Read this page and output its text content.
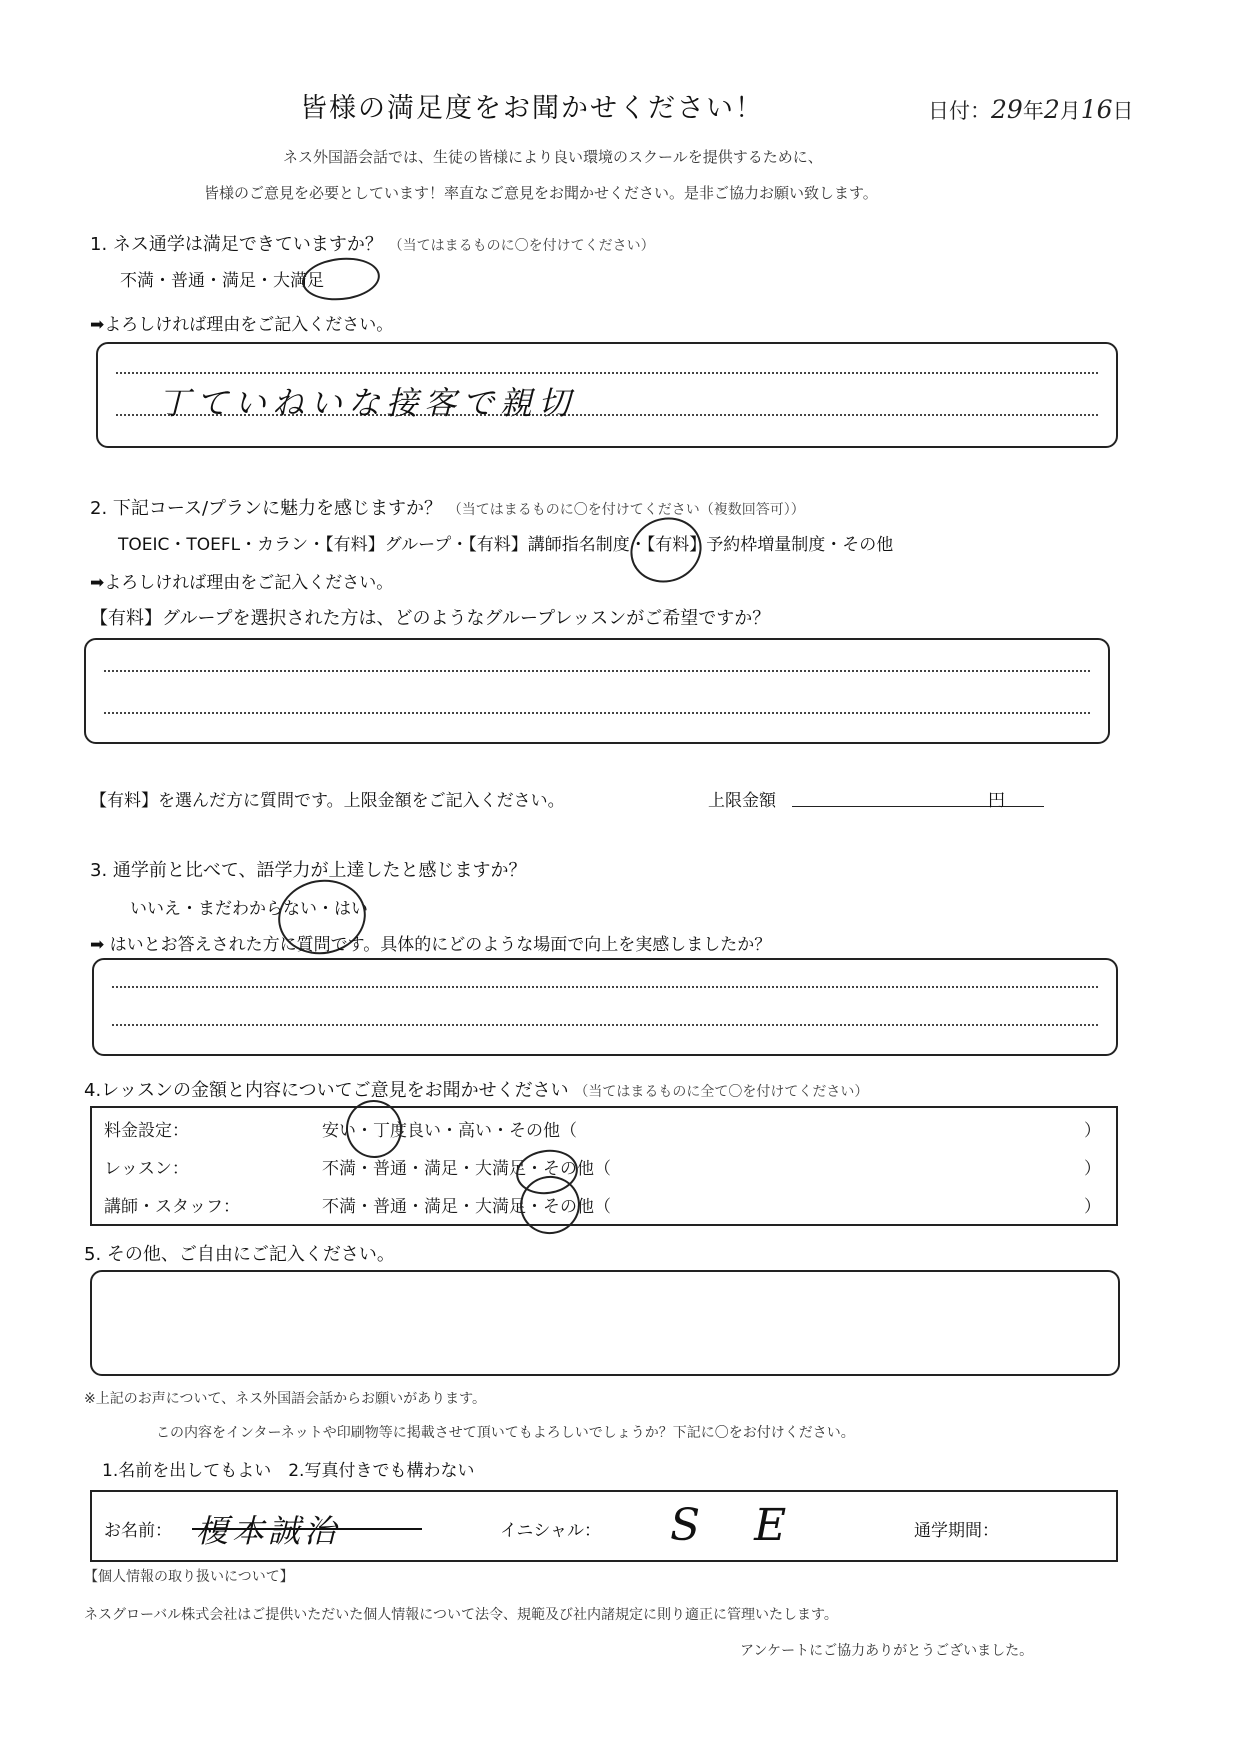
皆様の満足度をお聞かせください！	日付：29年2月16日
ネス外国語会話では、生徒の皆様により良い環境のスクールを提供するために、
皆様のご意見を必要としています！率直なご意見をお聞かせください。是非ご協力お願い致します。
1. ネス通学は満足できていますか？ （当てはまるものに〇を付けてください）
不満・普通・満足・大満足
➡よろしければ理由をご記入ください。
丁ていねいな接客で親切
2. 下記コース/プランに魅力を感じますか？ （当てはまるものに〇を付けてください（複数回答可））
TOEIC・TOEFL・カラン・【有料】グループ・【有料】講師指名制度・【有料】予約枠増量制度・その他
➡よろしければ理由をご記入ください。
【有料】グループを選択された方は、どのようなグループレッスンがご希望ですか？
【有料】を選んだ方に質問です。上限金額をご記入ください。	上限金額	円
3. 通学前と比べて、語学力が上達したと感じますか？
いいえ・まだわからない・はい
➡ はいとお答えされた方に質問です。具体的にどのような場面で向上を実感しましたか？
4.レッスンの金額と内容についてご意見をお聞かせください （当てはまるものに全て〇を付けてください）
料金設定：	安い・丁度良い・高い・その他（	）
レッスン：	不満・普通・満足・大満足・その他（	）
講師・スタッフ：	不満・普通・満足・大満足・その他（	）
5. その他、ご自由にご記入ください。
※上記のお声について、ネス外国語会話からお願いがあります。
この内容をインターネットや印刷物等に掲載させて頂いてもよろしいでしょうか？下記に〇をお付けください。
1.名前を出してもよい　2.写真付きでも構わない
お名前： 榎本誠治	イニシャル： S E	通学期間：
【個人情報の取り扱いについて】
ネスグローバル株式会社はご提供いただいた個人情報について法令、規範及び社内諸規定に則り適正に管理いたします。
アンケートにご協力ありがとうございました。
